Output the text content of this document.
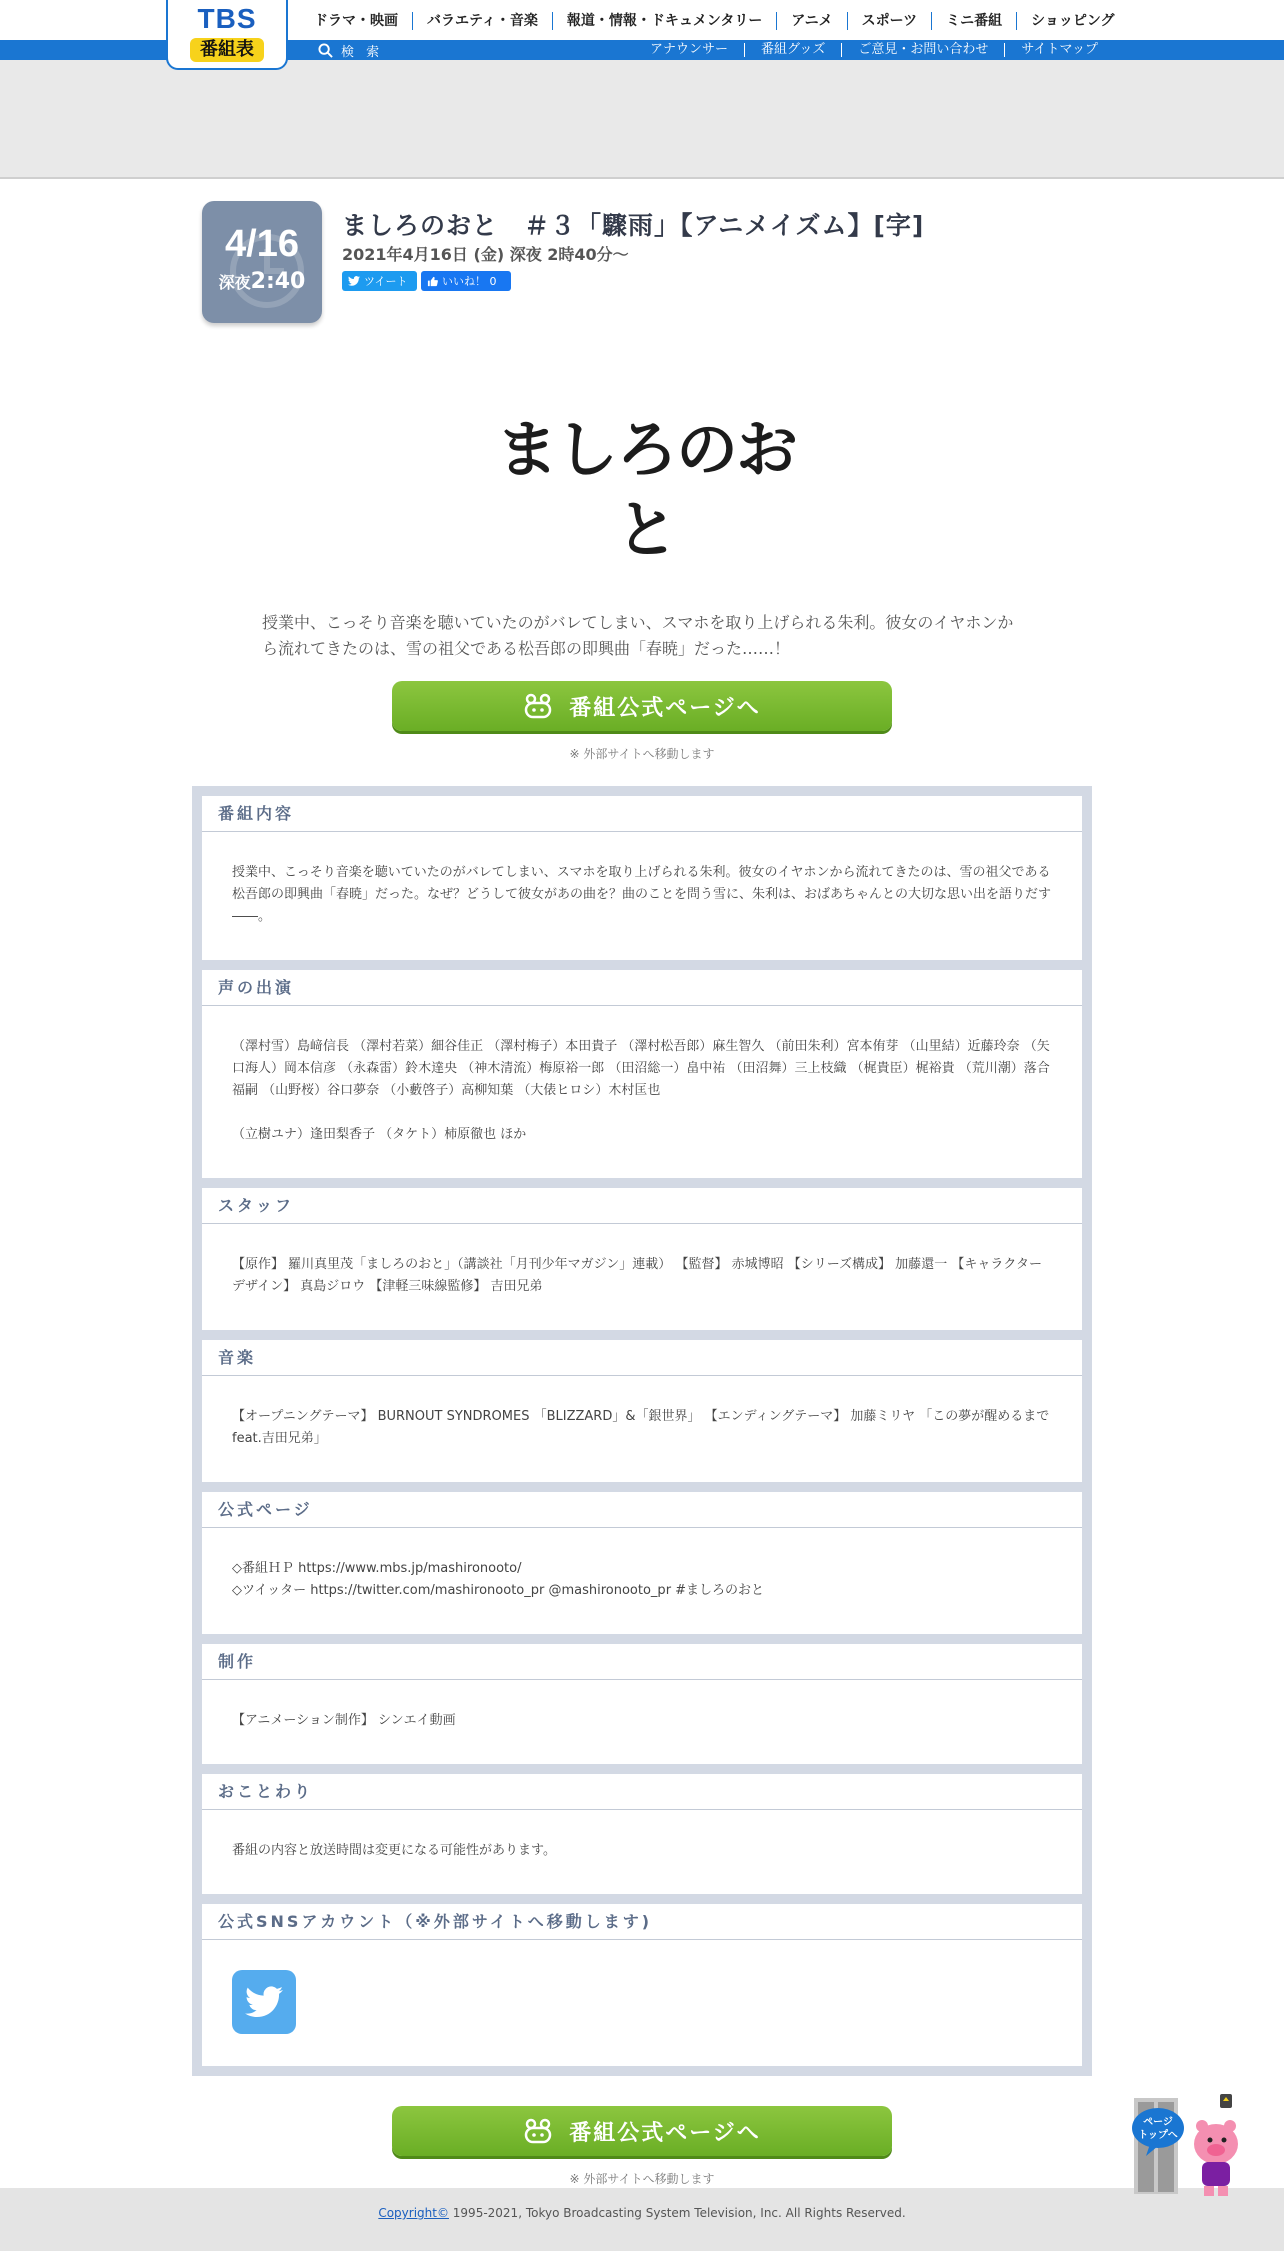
TBS
番組表
ドラマ・映画	バラエティ・音楽	報道・情報・ドキュメンタリー	アニメ	スポーツ	ミニ番組	ショッピング
検 索	アナウンサー	番組グッズ	ご意見・お問い合わせ	サイトマップ
4/16
深夜2:40
ましろのおと　＃３「驟雨」【アニメイズム】[字]
2021年4月16日 (金) 深夜 2時40分〜
ツイート	いいね！ 0
ましろのおと

授業中、こっそり音楽を聴いていたのがバレてしまい、スマホを取り上げられる朱利。彼女のイヤホンから流れてきたのは、雪の祖父である松吾郎の即興曲「春暁」だった……！

番組公式ページへ
※ 外部サイトへ移動します
番組内容

授業中、こっそり音楽を聴いていたのがバレてしまい、スマホを取り上げられる朱利。彼女のイヤホンから流れてきたのは、雪の祖父である松吾郎の即興曲「春暁」だった。なぜ？どうして彼女があの曲を？曲のことを問う雪に、朱利は、おばあちゃんとの大切な思い出を語りだす――。

声の出演

（澤村雪）島﨑信長 （澤村若菜）細谷佳正 （澤村梅子）本田貴子 （澤村松吾郎）麻生智久 （前田朱利）宮本侑芽 （山里結）近藤玲奈 （矢口海人）岡本信彦 （永森雷）鈴木達央 （神木清流）梅原裕一郎 （田沼総一）畠中祐 （田沼舞）三上枝織 （梶貴臣）梶裕貴 （荒川潮）落合福嗣 （山野桜）谷口夢奈 （小藪啓子）高柳知葉 （大俵ヒロシ）木村匡也

（立樹ユナ）逢田梨香子 （タケト）柿原徹也 ほか

スタッフ

【原作】 羅川真里茂「ましろのおと」（講談社「月刊少年マガジン」連載） 【監督】 赤城博昭 【シリーズ構成】 加藤還一 【キャラクターデザイン】 真島ジロウ 【津軽三味線監修】 吉田兄弟

音楽

【オープニングテーマ】 BURNOUT SYNDROMES 「BLIZZARD」&「銀世界」 【エンディングテーマ】 加藤ミリヤ 「この夢が醒めるまで feat.吉田兄弟」

公式ページ
◇番組ＨＰ https://www.mbs.jp/mashironooto/
◇ツイッター https://twitter.com/mashironooto_pr @mashironooto_pr #ましろのおと
制作

【アニメーション制作】 シンエイ動画

おことわり

番組の内容と放送時間は変更になる可能性があります。

公式SNSアカウント（※外部サイトへ移動します)
番組公式ページへ
※ 外部サイトへ移動します
Copyright© 1995-2021, Tokyo Broadcasting System Television, Inc. All Rights Reserved.
ページ
トップへ
